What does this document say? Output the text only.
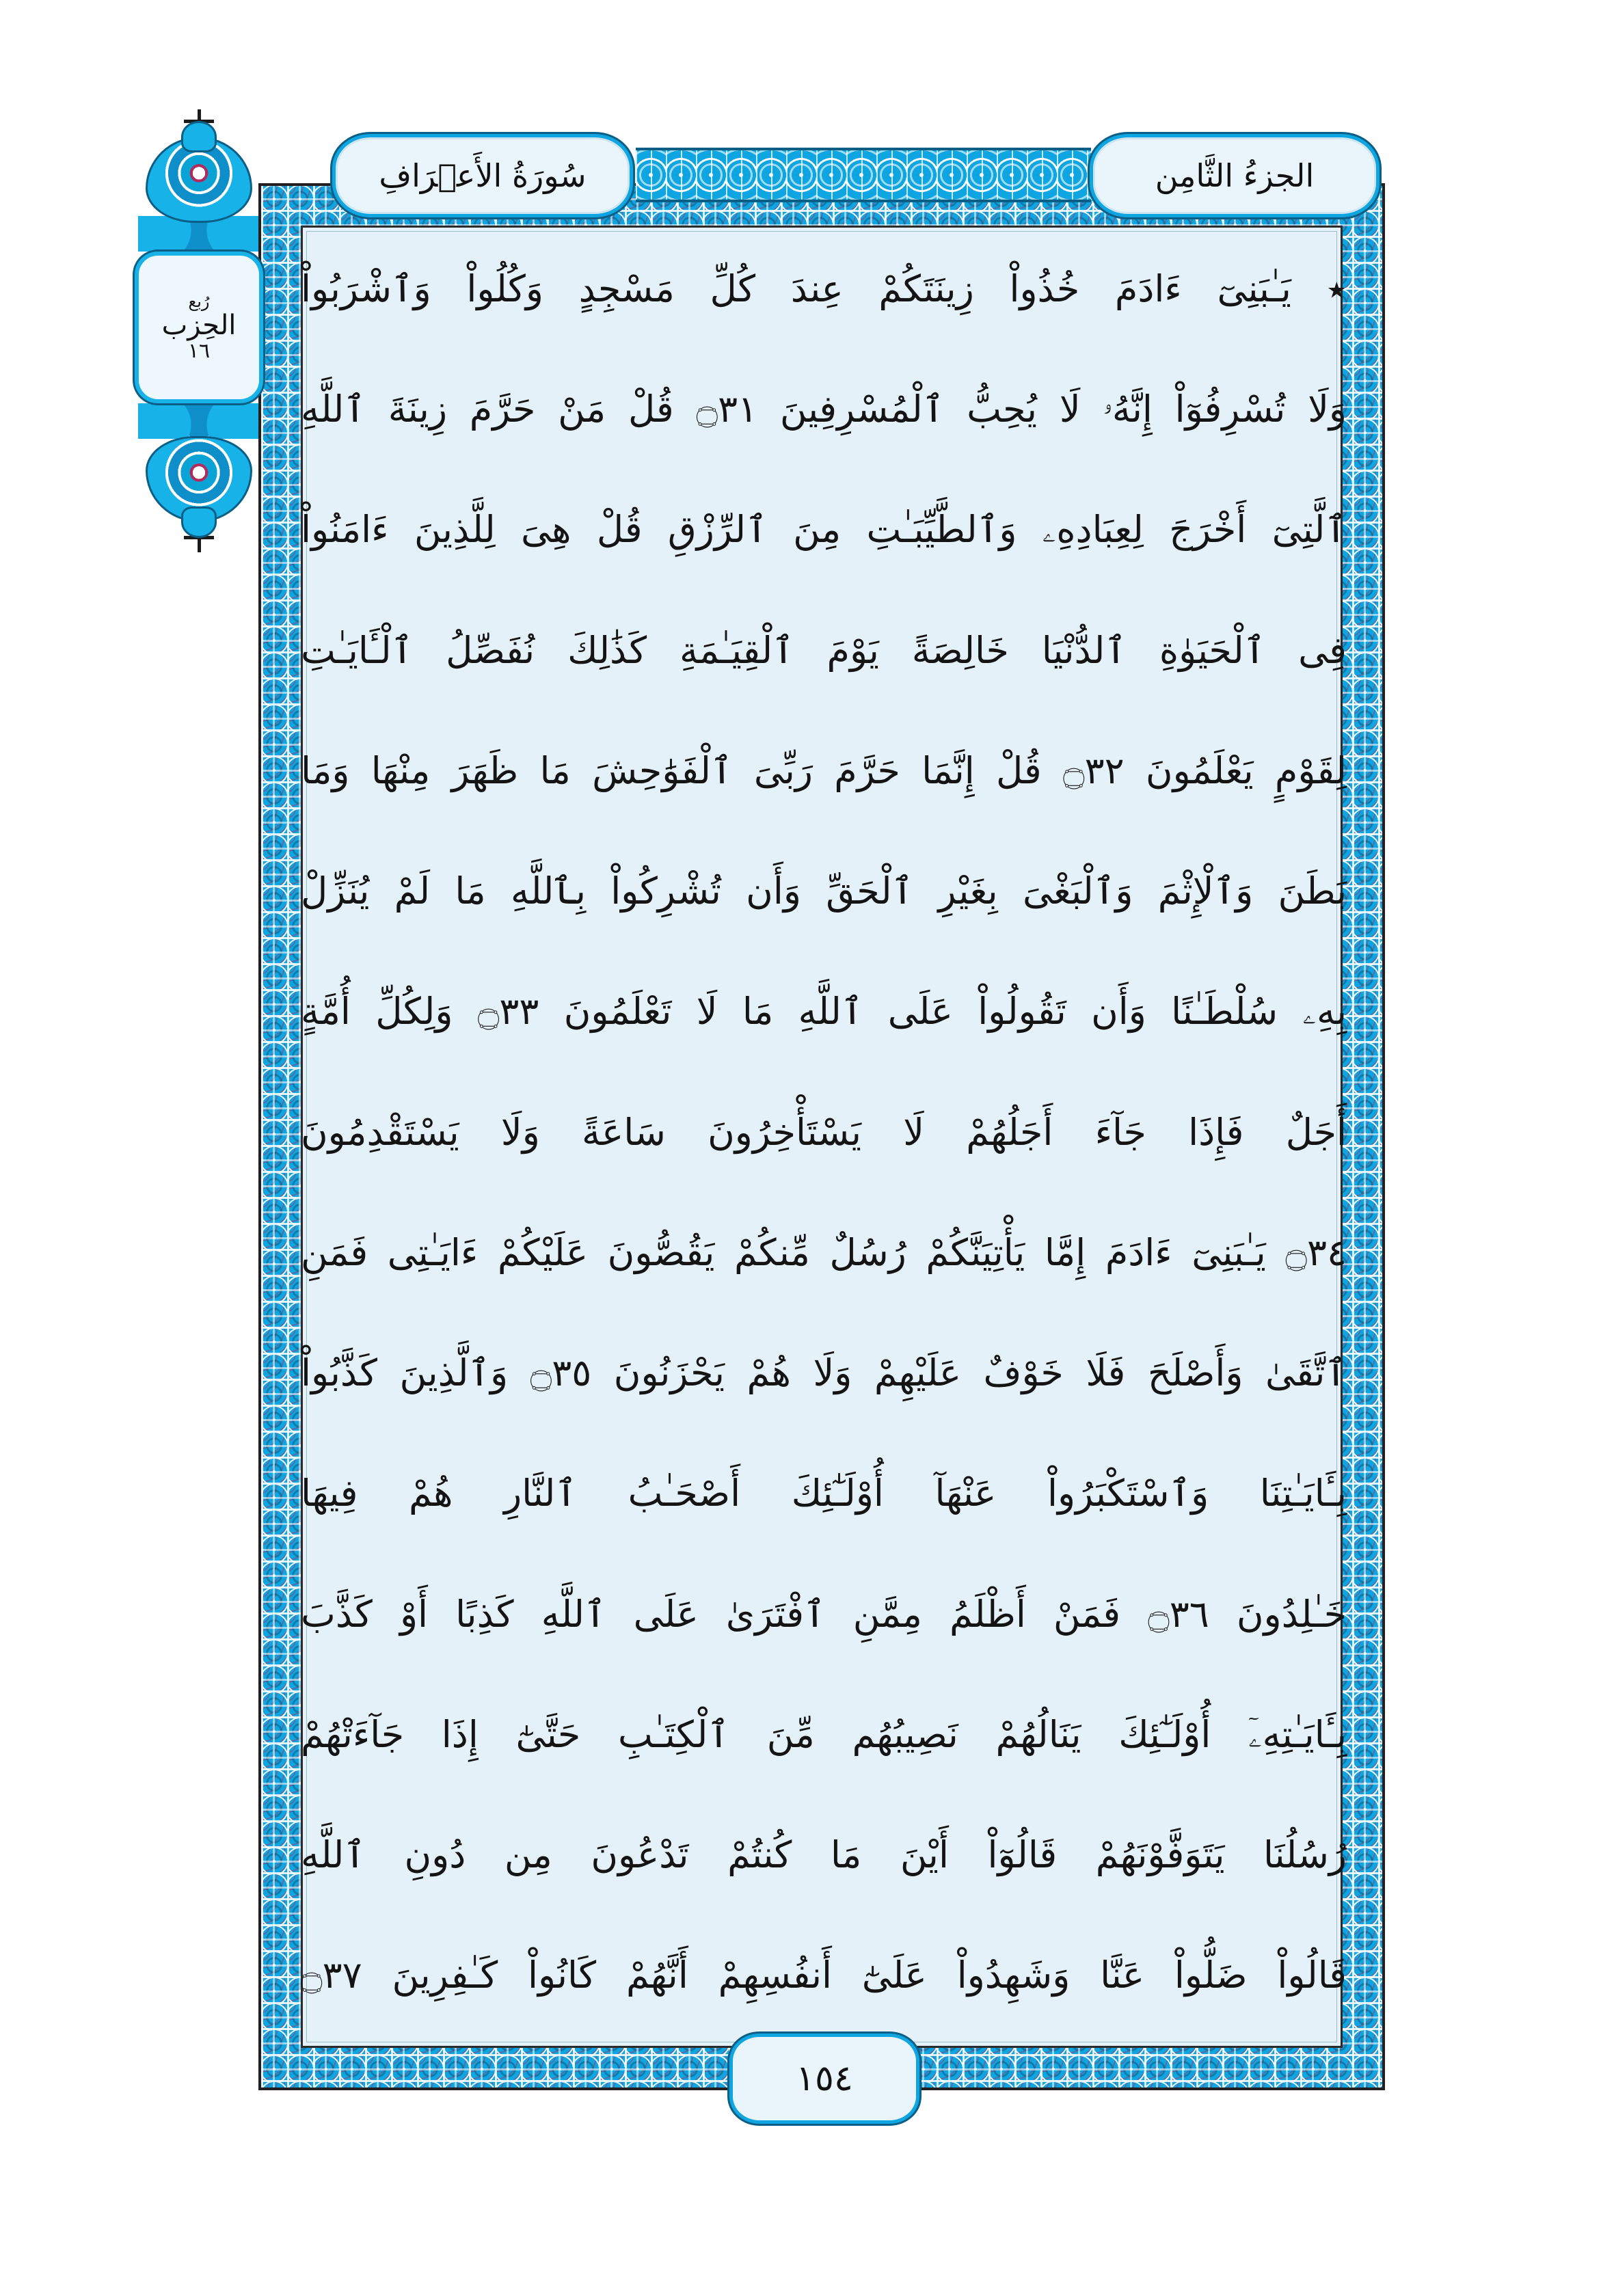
رُبع
الحِزب
١٦
الجزءُ الثَّامِن
سُورَةُ الأَعۡرَافِ
٭ يَـٰبَنِىٓ ءَادَمَ خُذُواْ زِينَتَكُمْ عِندَ كُلِّ مَسْجِدٍ وَكُلُواْ وَٱشْرَبُواْ
وَلَا تُسْرِفُوٓاْ إِنَّهُۥ لَا يُحِبُّ ٱلْمُسْرِفِينَ ۝٣١ قُلْ مَنْ حَرَّمَ زِينَةَ ٱللَّهِ
ٱلَّتِىٓ أَخْرَجَ لِعِبَادِهِۦ وَٱلطَّيِّبَـٰتِ مِنَ ٱلرِّزْقِ قُلْ هِىَ لِلَّذِينَ ءَامَنُواْ
فِى ٱلْحَيَوٰةِ ٱلدُّنْيَا خَالِصَةً يَوْمَ ٱلْقِيَـٰمَةِ كَذَٰلِكَ نُفَصِّلُ ٱلْـَٔايَـٰتِ
لِقَوْمٍ يَعْلَمُونَ ۝٣٢ قُلْ إِنَّمَا حَرَّمَ رَبِّىَ ٱلْفَوَٰحِشَ مَا ظَهَرَ مِنْهَا وَمَا
بَطَنَ وَٱلْإِثْمَ وَٱلْبَغْىَ بِغَيْرِ ٱلْحَقِّ وَأَن تُشْرِكُواْ بِٱللَّهِ مَا لَمْ يُنَزِّلْ
بِهِۦ سُلْطَـٰنًا وَأَن تَقُولُواْ عَلَى ٱللَّهِ مَا لَا تَعْلَمُونَ ۝٣٣ وَلِكُلِّ أُمَّةٍ
أَجَلٌ فَإِذَا جَآءَ أَجَلُهُمْ لَا يَسْتَأْخِرُونَ سَاعَةً وَلَا يَسْتَقْدِمُونَ
۝٣٤ يَـٰبَنِىٓ ءَادَمَ إِمَّا يَأْتِيَنَّكُمْ رُسُلٌ مِّنكُمْ يَقُصُّونَ عَلَيْكُمْ ءَايَـٰتِى فَمَنِ
ٱتَّقَىٰ وَأَصْلَحَ فَلَا خَوْفٌ عَلَيْهِمْ وَلَا هُمْ يَحْزَنُونَ ۝٣٥ وَٱلَّذِينَ كَذَّبُواْ
بِـَٔايَـٰتِنَا وَٱسْتَكْبَرُواْ عَنْهَآ أُوْلَـٰٓئِكَ أَصْحَـٰبُ ٱلنَّارِ هُمْ فِيهَا
خَـٰلِدُونَ ۝٣٦ فَمَنْ أَظْلَمُ مِمَّنِ ٱفْتَرَىٰ عَلَى ٱللَّهِ كَذِبًا أَوْ كَذَّبَ
بِـَٔايَـٰتِهِۦٓ أُوْلَـٰٓئِكَ يَنَالُهُمْ نَصِيبُهُم مِّنَ ٱلْكِتَـٰبِ حَتَّىٰٓ إِذَا جَآءَتْهُمْ
رُسُلُنَا يَتَوَفَّوْنَهُمْ قَالُوٓاْ أَيْنَ مَا كُنتُمْ تَدْعُونَ مِن دُونِ ٱللَّهِ
قَالُواْ ضَلُّواْ عَنَّا وَشَهِدُواْ عَلَىٰٓ أَنفُسِهِمْ أَنَّهُمْ كَانُواْ كَـٰفِرِينَ ۝٣٧
١٥٤
